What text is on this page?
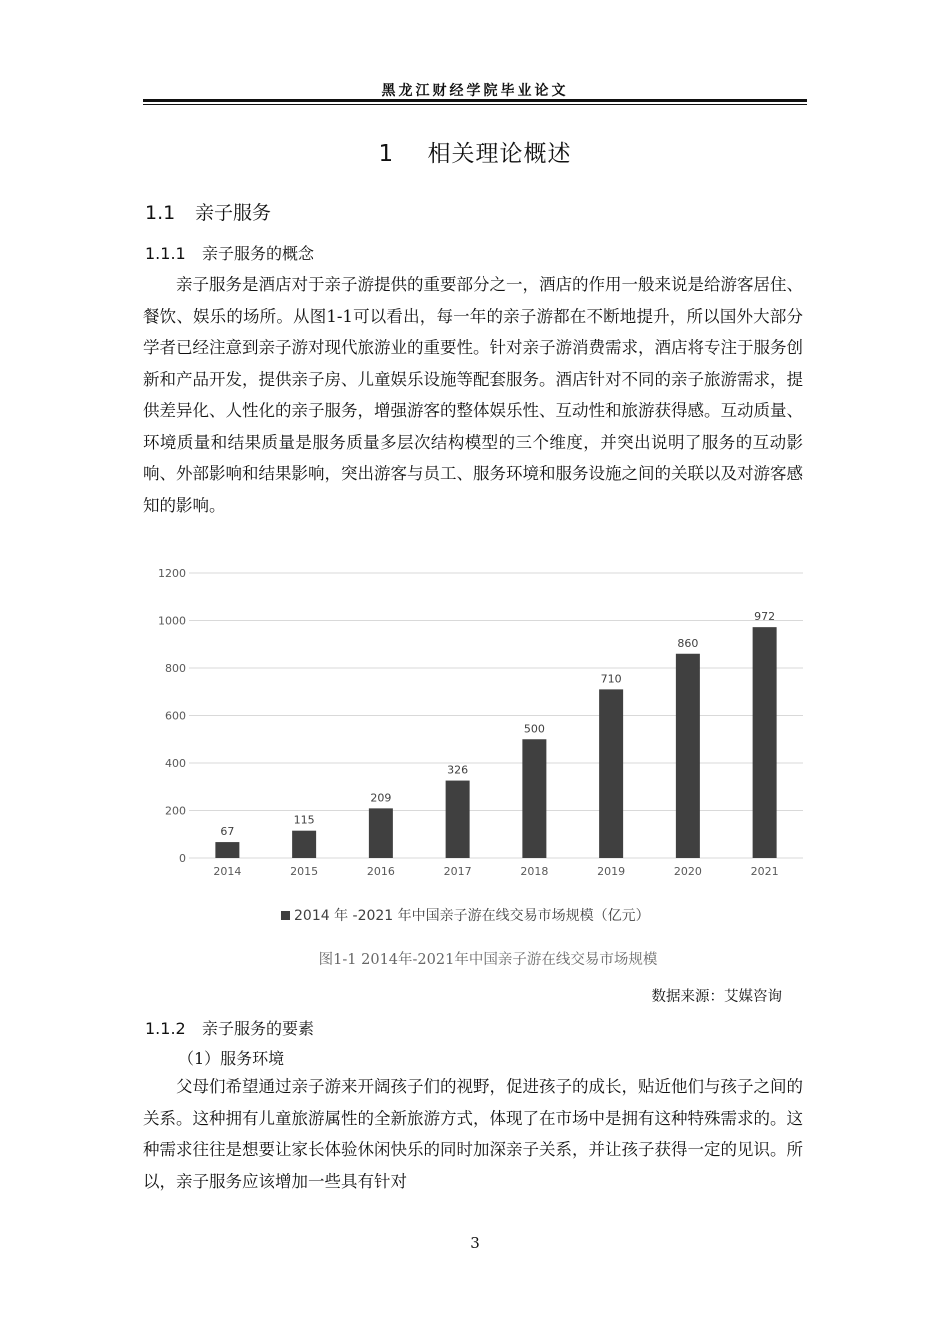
黑龙江财经学院毕业论文
1 相关理论概述
1.1 亲子服务
1.1.1 亲子服务的概念

亲子服务是酒店对于亲子游提供的重要部分之一，酒店的作用一般来说是给游客居住、餐饮、娱乐的场所。从图1-1可以看出，每一年的亲子游都在不断地提升，所以国外大部分学者已经注意到亲子游对现代旅游业的重要性。针对亲子游消费需求，酒店将专注于服务创新和产品开发，提供亲子房、儿童娱乐设施等配套服务。酒店针对不同的亲子旅游需求，提供差异化、人性化的亲子服务，增强游客的整体娱乐性、互动性和旅游获得感。互动质量、环境质量和结果质量是服务质量多层次结构模型的三个维度，并突出说明了服务的互动影响、外部影响和结果影响，突出游客与员工、服务环境和服务设施之间的关联以及对游客感知的影响。

0
200
400
600
800
1000
1200
67
2014
115
2015
209
2016
326
2017
500
2018
710
2019
860
2020
972
2021
2014 年 -2021 年中国亲子游在线交易市场规模（亿元）
图1-1 2014年-2021年中国亲子游在线交易市场规模
数据来源：艾媒咨询
1.1.2 亲子服务的要素
（1）服务环境

父母们希望通过亲子游来开阔孩子们的视野，促进孩子的成长，贴近他们与孩子之间的关系。这种拥有儿童旅游属性的全新旅游方式，体现了在市场中是拥有这种特殊需求的。这种需求往往是想要让家长体验休闲快乐的同时加深亲子关系，并让孩子获得一定的见识。所以，亲子服务应该增加一些具有针对

3
